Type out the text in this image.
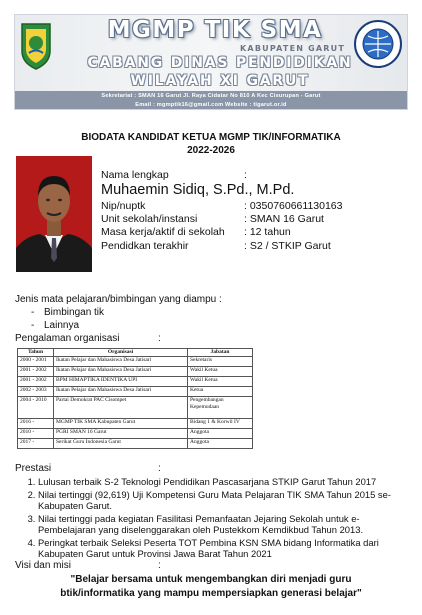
MGMP TIK SMA
KABUPATEN GARUT
CABANG DINAS PENDIDIKAN
WILAYAH XI GARUT
Sekretariat : SMAN 16 Garut Jl. Raya Cidatar No 810 A Kec Cisurupan - Garut
Email : mgmptik16@gmail.com Website : tigarut.or.id
BIODATA KANDIDAT KETUA MGMP TIK/INFORMATIKA
2022-2026
Nama lengkap	:
Muhaemin Sidiq, S.Pd., M.Pd.
Nip/nuptk	: 0350760661130163
Unit sekolah/instansi	: SMAN 16 Garut
Masa kerja/aktif di sekolah : 12 tahun
Pendidkan terakhir	: S2 / STKIP Garut
Jenis mata pelajaran/bimbingan yang diampu :
- Bimbingan tik
- Lainnya
Pengalaman organisasi	:
Tahun	Organisasi	Jabatan
2000 - 2001	Ikatan Pelajar dan Mahasiswa Desa Jatisari	Sekretaris
2001 - 2002	Ikatan Pelajar dan Mahasiswa Desa Jatisari	Wakil Ketua
2001 - 2002	BPM HIMAPTIKA IDENTIKA UPI	Wakil Ketua
2002 - 2003	Ikatan Pelajar dan Mahasiswa Desa Jatisari	Ketua
2004 - 2010	Partai Demokrat PAC Cisompet	Pengembangan Kepemudaan
2016 -	MGMP TIK SMA Kabupaten Garut	Bidang 1 & Korwil IV
2010 -	PGRI SMAN 16 Garut	Anggota
2017 -	Serikat Guru Indonesia Garut	Anggota
Prestasi	:
1. Lulusan terbaik S-2 Teknologi Pendidikan Pascasarjana STKIP Garut Tahun 2017
2. Nilai tertinggi (92,619) Uji Kompetensi Guru Mata Pelajaran TIK SMA Tahun 2015 se-Kabupaten Garut.
3. Nilai tertinggi pada kegiatan Fasilitasi Pemanfaatan Jejaring Sekolah untuk e-Pembelajaran yang diselenggarakan oleh Pustekkom Kemdikbud Tahun 2013.
4. Peringkat terbaik Seleksi Peserta TOT Pembina KSN SMA bidang Informatika dari Kabupaten Garut untuk Provinsi Jawa Barat Tahun 2021
Visi dan misi	:
"Belajar bersama untuk mengembangkan diri menjadi guru
btik/informatika yang mampu mempersiapkan generasi belajar"
